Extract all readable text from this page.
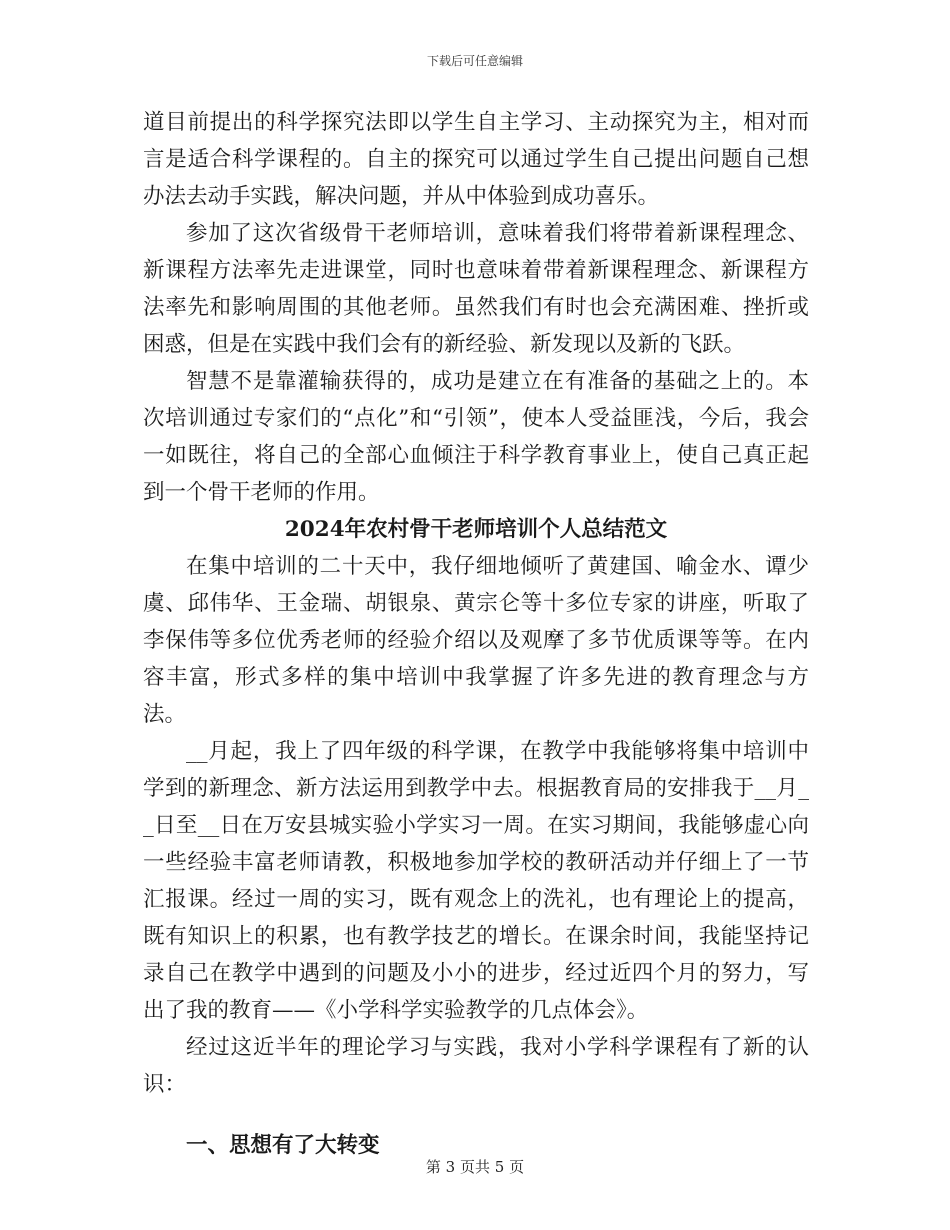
下载后可任意编辑

道目前提出的科学探究法即以学生自主学习、主动探究为主，相对而言是适合科学课程的。自主的探究可以通过学生自己提出问题自己想办法去动手实践，解决问题，并从中体验到成功喜乐。

参加了这次省级骨干老师培训，意味着我们将带着新课程理念、新课程方法率先走进课堂，同时也意味着带着新课程理念、新课程方法率先和影响周围的其他老师。虽然我们有时也会充满困难、挫折或困惑，但是在实践中我们会有的新经验、新发现以及新的飞跃。

智慧不是靠灌输获得的，成功是建立在有准备的基础之上的。本次培训通过专家们的“点化”和“引领”，使本人受益匪浅，今后，我会一如既往，将自己的全部心血倾注于科学教育事业上，使自己真正起到一个骨干老师的作用。

2024年农村骨干老师培训个人总结范文

在集中培训的二十天中，我仔细地倾听了黄建国、喻金水、谭少虞、邱伟华、王金瑞、胡银泉、黄宗仑等十多位专家的讲座，听取了李保伟等多位优秀老师的经验介绍以及观摩了多节优质课等等。在内容丰富，形式多样的集中培训中我掌握了许多先进的教育理念与方法。

__月起，我上了四年级的科学课，在教学中我能够将集中培训中学到的新理念、新方法运用到教学中去。根据教育局的安排我于__月__日至__日在万安县城实验小学实习一周。在实习期间，我能够虚心向一些经验丰富老师请教，积极地参加学校的教研活动并仔细上了一节汇报课。经过一周的实习，既有观念上的洗礼，也有理论上的提高，既有知识上的积累，也有教学技艺的增长。在课余时间，我能坚持记录自己在教学中遇到的问题及小小的进步，经过近四个月的努力，写出了我的教育——《小学科学实验教学的几点体会》。

经过这近半年的理论学习与实践，我对小学科学课程有了新的认识：

一、思想有了大转变

第 3 页共 5 页
